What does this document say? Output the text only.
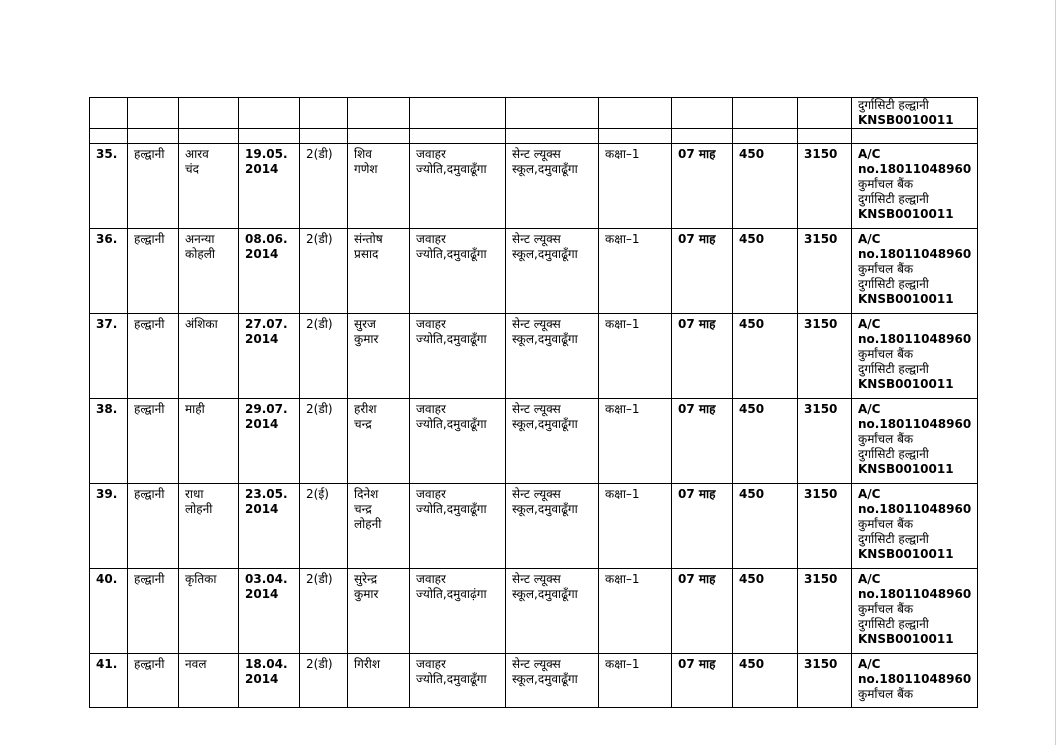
												दुर्गासिटी हल्द्वानी
KNSB0010011

35.	हल्द्वानी	आरव
चंद	19.05.
2014	2(डी)	शिव
गणेश	जवाहर
ज्योति,दमुवाढूँगा	सेन्ट ल्यूक्स
स्कूल,दमुवाढूँगा	कक्षा–1	07 माह	450	3150	A/C
no.18011048960
कुर्मांचल बैंक
दुर्गासिटी हल्द्वानी
KNSB0010011

36.	हल्द्वानी	अनन्या
कोहली	08.06.
2014	2(डी)	संन्तोष
प्रसाद	जवाहर
ज्योति,दमुवाढूँगा	सेन्ट ल्यूक्स
स्कूल,दमुवाढूँगा	कक्षा–1	07 माह	450	3150	A/C
no.18011048960
कुर्मांचल बैंक
दुर्गासिटी हल्द्वानी
KNSB0010011

37.	हल्द्वानी	अंशिका	27.07.
2014	2(डी)	सुरज
कुमार	जवाहर
ज्योति,दमुवाढूँगा	सेन्ट ल्यूक्स
स्कूल,दमुवाढूँगा	कक्षा–1	07 माह	450	3150	A/C
no.18011048960
कुर्मांचल बैंक
दुर्गासिटी हल्द्वानी
KNSB0010011

38.	हल्द्वानी	माही	29.07.
2014	2(डी)	हरीश
चन्द्र	जवाहर
ज्योति,दमुवाढूँगा	सेन्ट ल्यूक्स
स्कूल,दमुवाढूँगा	कक्षा–1	07 माह	450	3150	A/C
no.18011048960
कुर्मांचल बैंक
दुर्गासिटी हल्द्वानी
KNSB0010011

39.	हल्द्वानी	राधा
लोहनी	23.05.
2014	2(ई)	दिनेश
चन्द्र
लोहनी	जवाहर
ज्योति,दमुवाढूँगा	सेन्ट ल्यूक्स
स्कूल,दमुवाढूँगा	कक्षा–1	07 माह	450	3150	A/C
no.18011048960
कुर्मांचल बैंक
दुर्गासिटी हल्द्वानी
KNSB0010011

40.	हल्द्वानी	कृतिका	03.04.
2014	2(डी)	सुरेन्द्र
कुमार	जवाहर
ज्योति,दमुवाढ़ंगा	सेन्ट ल्यूक्स
स्कूल,दमुवाढूँगा	कक्षा–1	07 माह	450	3150	A/C
no.18011048960
कुर्मांचल बैंक
दुर्गासिटी हल्द्वानी
KNSB0010011

41.	हल्द्वानी	नवल	18.04.
2014	2(डी)	गिरीश	जवाहर
ज्योति,दमुवाढूँगा	सेन्ट ल्यूक्स
स्कूल,दमुवाढूँगा	कक्षा–1	07 माह	450	3150	A/C
no.18011048960
कुर्मांचल बैंक
